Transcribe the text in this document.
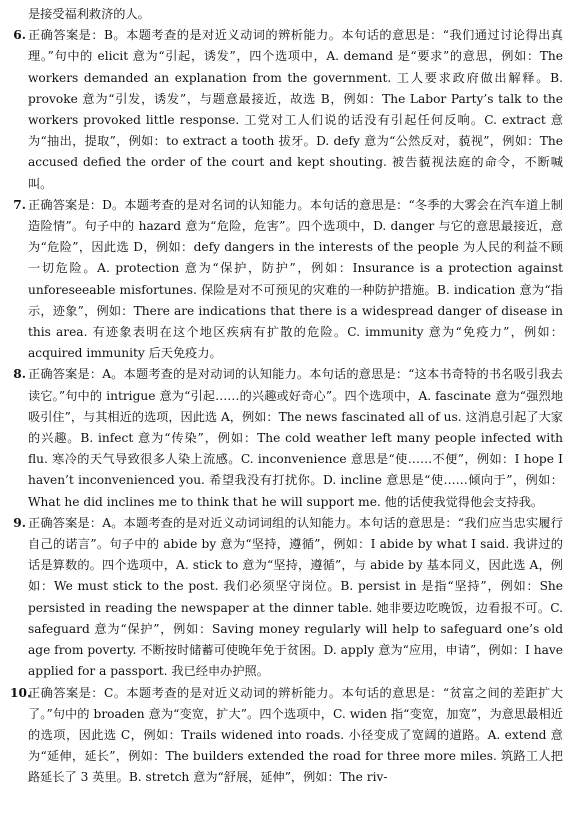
是接受福利救济的人。

6. 正确答案是：B。本题考查的是对近义动词的辨析能力。本句话的意思是：“我们通过讨论得出真理。”句中的 elicit 意为“引起，诱发”，四个选项中，A. demand 是“要求”的意思，例如：The workers demanded an explanation from the government. 工人要求政府做出解释。B. provoke 意为“引发，诱发”，与题意最接近，故选 B，例如：The Labor Party’s talk to the workers provoked little response. 工党对工人们说的话没有引起任何反响。C. extract 意为“抽出，提取”，例如：to extract a tooth 拔牙。D. defy 意为“公然反对，藐视”，例如：The accused defied the order of the court and kept shouting. 被告藐视法庭的命令，不断喊叫。
7. 正确答案是：D。本题考查的是对名词的认知能力。本句话的意思是：“冬季的大雾会在汽车道上制造险情”。句子中的 hazard 意为“危险，危害”。四个选项中，D. danger 与它的意思最接近，意为“危险”，因此选 D，例如：defy dangers in the interests of the people 为人民的利益不顾一切危险。A. protection 意为“保护，防护”，例如：Insurance is a protection against unforeseeable misfortunes. 保险是对不可预见的灾难的一种防护措施。B. indication 意为“指示，迹象”，例如：There are indications that there is a widespread danger of disease in this area. 有迹象表明在这个地区疾病有扩散的危险。C. immunity 意为“免疫力”，例如：acquired immunity 后天免疫力。
8. 正确答案是：A。本题考查的是对动词的认知能力。本句话的意思是：“这本书奇特的书名吸引我去读它。”句中的 intrigue 意为“引起……的兴趣或好奇心”。四个选项中，A. fascinate 意为“强烈地吸引住”，与其相近的选项，因此选 A，例如：The news fascinated all of us. 这消息引起了大家的兴趣。B. infect 意为“传染”，例如：The cold weather left many people infected with flu. 寒冷的天气导致很多人染上流感。C. inconvenience 意思是“使……不便”，例如：I hope I haven’t inconvenienced you. 希望我没有打扰你。D. incline 意思是“使……倾向于”，例如：What he did inclines me to think that he will support me. 他的话使我觉得他会支持我。
9. 正确答案是：A。本题考查的是对近义动词词组的认知能力。本句话的意思是：“我们应当忠实履行自己的诺言”。句子中的 abide by 意为“坚持，遵循”，例如：I abide by what I said. 我讲过的话是算数的。四个选项中，A. stick to 意为“坚持，遵循”，与 abide by 基本同义，因此选 A，例如：We must stick to the post. 我们必须坚守岗位。B. persist in 是指“坚持”，例如：She persisted in reading the newspaper at the dinner table. 她非要边吃晚饭，边看报不可。C. safeguard 意为“保护”，例如：Saving money regularly will help to safeguard one’s old age from poverty. 不断按时储蓄可使晚年免于贫困。D. apply 意为“应用，申请”，例如：I have applied for a passport. 我已经申办护照。
10.
正确答案是：C。本题考查的是对近义动词的辨析能力。本句话的意思是：“贫富之间的差距扩大了。”句中的 broaden 意为“变宽，扩大”。四个选项中，C. widen 指“变宽，加宽”，为意思最相近的选项，因此选 C，例如：Trails widened into roads. 小径变成了宽阔的道路。A. extend 意为“延伸，延长”，例如：The builders extended the road for three more miles. 筑路工人把路延长了 3 英里。B. stretch 意为“舒展，延伸”，例如：The riv-
